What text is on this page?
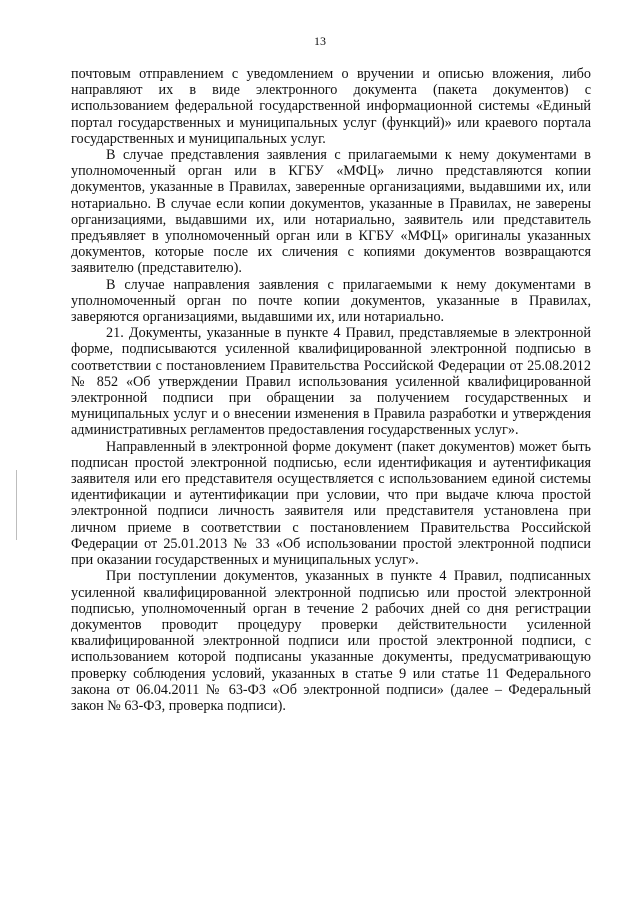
13

почтовым отправлением с уведомлением о вручении и описью вложения, либо направляют их в виде электронного документа (пакета документов) с использованием федеральной государственной информационной системы «Единый портал государственных и муниципальных услуг (функций)» или краевого портала государственных и муниципальных услуг.

В случае представления заявления с прилагаемыми к нему документами в уполномоченный орган или в КГБУ «МФЦ» лично представляются копии документов, указанные в Правилах, заверенные организациями, выдавшими их, или нотариально. В случае если копии документов, указанные в Правилах, не заверены организациями, выдавшими их, или нотариально, заявитель или представитель предъявляет в уполномоченный орган или в КГБУ «МФЦ» оригиналы указанных документов, которые после их сличения с копиями документов возвращаются заявителю (представителю).

В случае направления заявления с прилагаемыми к нему документами в уполномоченный орган по почте копии документов, указанные в Правилах, заверяются организациями, выдавшими их, или нотариально.

21. Документы, указанные в пункте 4 Правил, представляемые в электронной форме, подписываются усиленной квалифицированной электронной подписью в соответствии с постановлением Правительства Российской Федерации от 25.08.2012 № 852 «Об утверждении Правил использования усиленной квалифицированной электронной подписи при обращении за получением государственных и муниципальных услуг и о внесении изменения в Правила разработки и утверждения административных регламентов предоставления государственных услуг».

Направленный в электронной форме документ (пакет документов) может быть подписан простой электронной подписью, если идентификация и аутентификация заявителя или его представителя осуществляется с использованием единой системы идентификации и аутентификации при условии, что при выдаче ключа простой электронной подписи личность заявителя или представителя установлена при личном приеме в соответствии с постановлением Правительства Российской Федерации от 25.01.2013 № 33 «Об использовании простой электронной подписи при оказании государственных и муниципальных услуг».

При поступлении документов, указанных в пункте 4 Правил, подписанных усиленной квалифицированной электронной подписью или простой электронной подписью, уполномоченный орган в течение 2 рабочих дней со дня регистрации документов проводит процедуру проверки действительности усиленной квалифицированной электронной подписи или простой электронной подписи, с использованием которой подписаны указанные документы, предусматривающую проверку соблюдения условий, указанных в статье 9 или статье 11 Федерального закона от 06.04.2011 № 63-ФЗ «Об электронной подписи» (далее – Федеральный закон № 63-ФЗ, проверка подписи).
